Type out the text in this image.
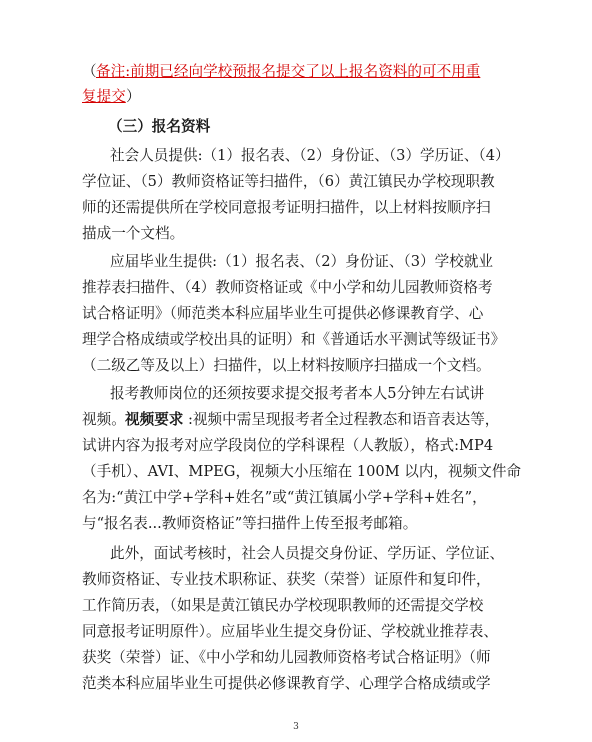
（ 备注:前期已经向学校预报名提交了以上报名资料的可不用重
复提交 ）
（三）报名资料
社会人员提供:（1）报名表、（2）身份证、（3）学历证、（4）
学位证、（5）教师资格证等扫描件，（6）黄江镇民办学校现职教
师的还需提供所在学校同意报考证明扫描件，以上材料按顺序扫
描成一个文档。
应届毕业生提供:（1）报名表、（2）身份证、（3）学校就业
推荐表扫描件、（4）教师资格证或《中小学和幼儿园教师资格考
试合格证明》（师范类本科应届毕业生可提供必修课教育学、心
理学合格成绩或学校出具的证明）和《普通话水平测试等级证书》
（二级乙等及以上）扫描件，以上材料按顺序扫描成一个文档。
报考教师岗位的还须按要求提交报考者本人5分钟左右试讲
视频。 视频要求 :视频中需呈现报考者全过程教态和语音表达等，
试讲内容为报考对应学段岗位的学科课程（人教版），格式:MP4
（手机）、AVI、MPEG，视频大小压缩在 100M 以内，视频文件命
名为:“黄江中学+学科+姓名”或“黄江镇属小学+学科+姓名”，
与“报名表...教师资格证”等扫描件上传至报考邮箱。
此外，面试考核时，社会人员提交身份证、学历证、学位证、
教师资格证、专业技术职称证、获奖（荣誉）证原件和复印件，
工作简历表，（如果是黄江镇民办学校现职教师的还需提交学校
同意报考证明原件）。应届毕业生提交身份证、学校就业推荐表、
获奖（荣誉）证、《中小学和幼儿园教师资格考试合格证明》（师
范类本科应届毕业生可提供必修课教育学、心理学合格成绩或学
3
